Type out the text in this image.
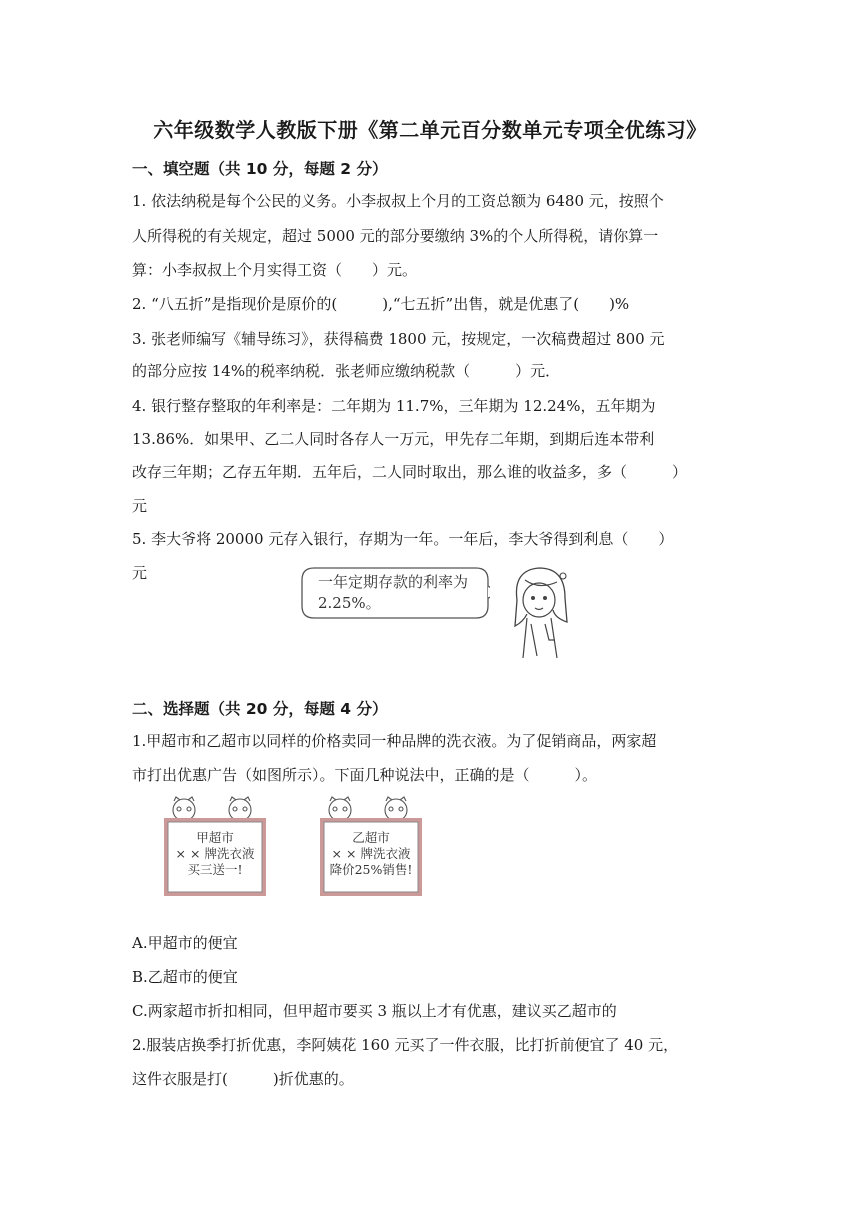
六年级数学人教版下册《第二单元百分数单元专项全优练习》
一、填空题（共 10 分，每题 2 分）
1. 依法纳税是每个公民的义务。小李叔叔上个月的工资总额为 6480 元，按照个
人所得税的有关规定，超过 5000 元的部分要缴纳 3%的个人所得税，请你算一
算：小李叔叔上个月实得工资（　　）元。
2. “八五折”是指现价是原价的(　　　),“七五折”出售，就是优惠了(　　)%
3. 张老师编写《辅导练习》，获得稿费 1800 元，按规定，一次稿费超过 800 元
的部分应按 14%的税率纳税．张老师应缴纳税款（　　　）元．
4. 银行整存整取的年利率是：二年期为 11.7%，三年期为 12.24%，五年期为
13.86%．如果甲、乙二人同时各存人一万元，甲先存二年期，到期后连本带利
改存三年期；乙存五年期．五年后，二人同时取出，那么谁的收益多，多（　　　）
元
5. 李大爷将 20000 元存入银行，存期为一年。一年后，李大爷得到利息（　　）
元	一年定期存款的利率为
2.25%。
二、选择题（共 20 分，每题 4 分）
1.甲超市和乙超市以同样的价格卖同一种品牌的洗衣液。为了促销商品，两家超
市打出优惠广告（如图所示）。下面几种说法中，正确的是（　　　）。
甲超市
× × 牌洗衣液
买三送一!
乙超市
× × 牌洗衣液
降价25%销售!
A.甲超市的便宜
B.乙超市的便宜
C.两家超市折扣相同，但甲超市要买 3 瓶以上才有优惠，建议买乙超市的
2.服装店换季打折优惠，李阿姨花 160 元买了一件衣服，比打折前便宜了 40 元，
这件衣服是打(　　　)折优惠的。
